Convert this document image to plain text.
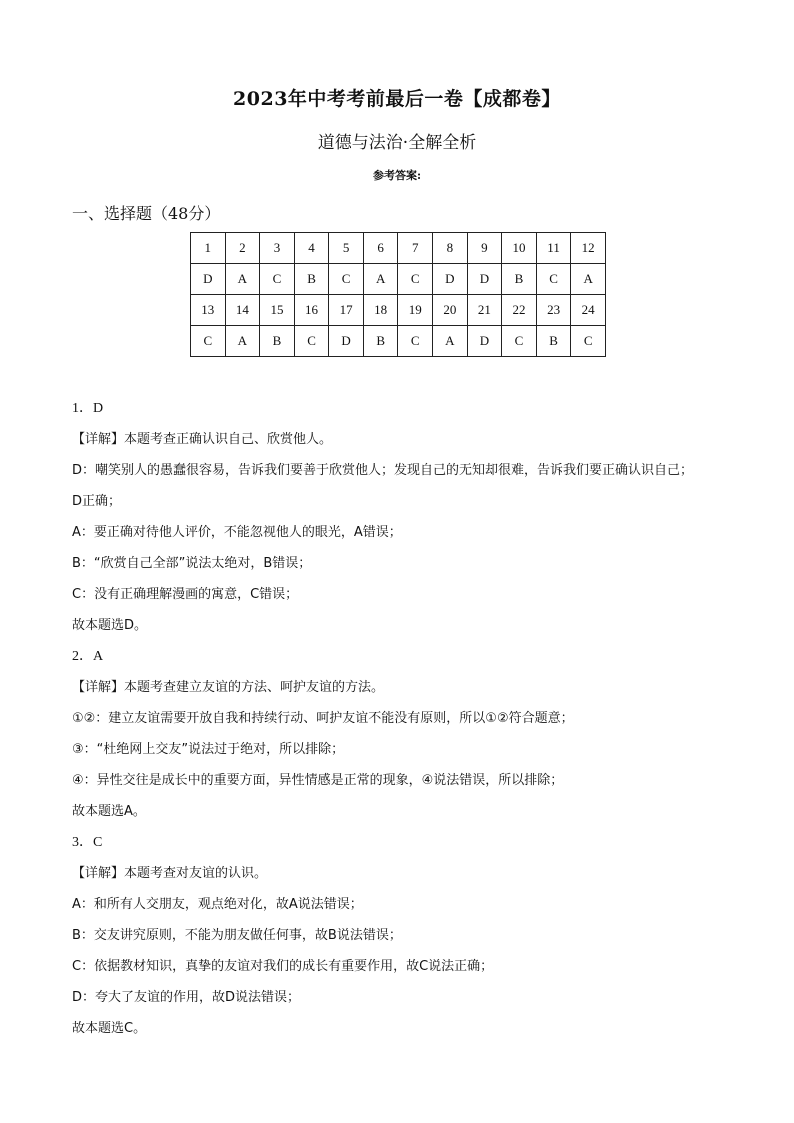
2023年中考考前最后一卷【成都卷】
道德与法治·全解全析
参考答案:
一、选择题（48分）
1	2	3	4	5	6	7	8	9	10	11	12
D	A	C	B	C	A	C	D	D	B	C	A
13	14	15	16	17	18	19	20	21	22	23	24
C	A	B	C	D	B	C	A	D	C	B	C
1．D
【详解】本题考查正确认识自己、欣赏他人。
D：嘲笑别人的愚蠢很容易，告诉我们要善于欣赏他人；发现自己的无知却很难，告诉我们要正确认识自己；
D正确；
A：要正确对待他人评价，不能忽视他人的眼光，A错误；
B：“欣赏自己全部”说法太绝对，B错误；
C：没有正确理解漫画的寓意，C错误；
故本题选D。
2．A
【详解】本题考查建立友谊的方法、呵护友谊的方法。
①②：建立友谊需要开放自我和持续行动、呵护友谊不能没有原则，所以①②符合题意；
③：“杜绝网上交友”说法过于绝对，所以排除；
④：异性交往是成长中的重要方面，异性情感是正常的现象，④说法错误，所以排除；
故本题选A。
3．C
【详解】本题考查对友谊的认识。
A：和所有人交朋友，观点绝对化，故A说法错误；
B：交友讲究原则，不能为朋友做任何事，故B说法错误；
C：依据教材知识，真挚的友谊对我们的成长有重要作用，故C说法正确；
D：夸大了友谊的作用，故D说法错误；
故本题选C。
